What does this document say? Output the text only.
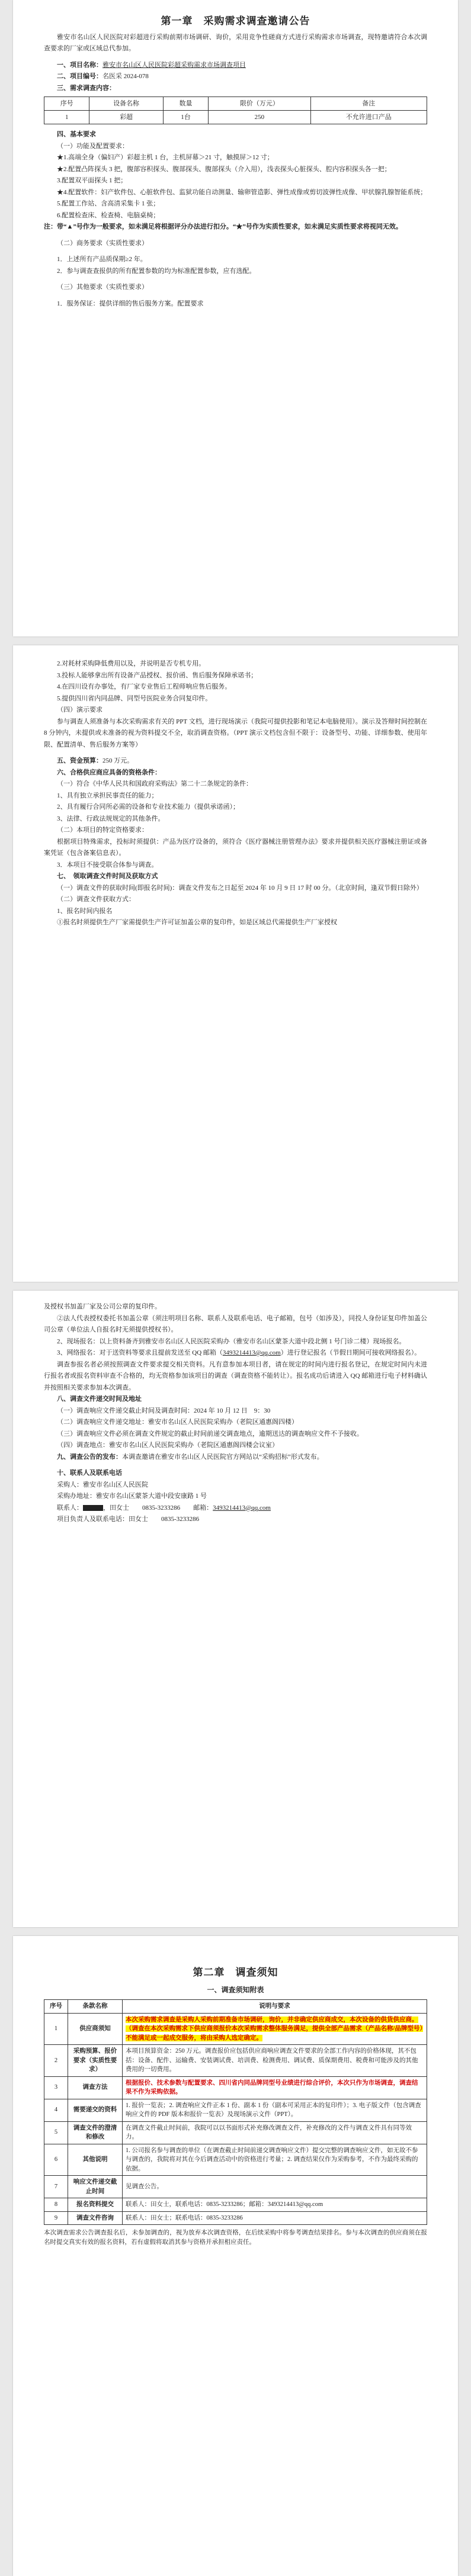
第一章　采购需求调查邀请公告

雅安市名山区人民医院对彩超进行采购前期市场调研、询价，采用竞争性磋商方式进行采购需求市场调查，现特邀请符合本次调查要求的厂家或区域总代参加。

一、项目名称：雅安市名山区人民医院彩超采购需求市场调查项目

二、项目编号：名医采 2024-078

三、需求调查内容：

序号	设备名称	数量	限价（万元）	备注
1	彩超	1台	250	不允许进口产品

四、基本要求

（一）功能及配置要求：

★1.高端全身（偏妇产）彩超主机 1 台，主机屏幕＞21 寸，触摸屏＞12 寸；

★2.配置凸阵探头 3 把，腹部容积探头、腹部探头、腹部探头（介入用），浅表探头心脏探头、腔内容积探头各一把；

3.配置双平面探头 1 把；

★4.配置软件：妇产软件包、心脏软件包、监狱功能自动测量、输卵管造影、弹性成像或剪切波弹性成像、甲状腺乳腺智能系统；

5.配置工作站、含高清采集卡 1 张；

6.配置检查床、检查椅、电脑桌椅；

注：带“▲”号作为一般要求，如未满足将根据评分办法进行扣分。“★”号作为实质性要求，如未满足实质性要求将视同无效。

（二）商务要求（实质性要求）

1．上述所有产品质保期≥2 年。

2．参与调查查报供的所有配置参数的均为标准配置参数，应有选配。

（三）其他要求（实质性要求）

1．服务保证：提供详细的售后服务方案。配置要求

2.对耗材采购降低费用以及，并说明是否专机专用。

3.投标人能够拿出所有设备产品授权、报价函、售后服务保障承诺书；

4.在四川设有办事处，有厂家专业售后工程师响应售后服务。

5.提供四川省内同品牌、同型号医院业务合同复印件。

（四）演示要求

参与调查人须准备与本次采购需求有关的 PPT 文档，进行现场演示（我院可提供投影和笔记本电脑使用）。演示及答辩时间控制在 8 分钟内，未提供或未准备的视为资料提交不全，取消调查资格。（PPT 演示文档包含但不限于：设备型号、功能、详细参数、使用年限、配置清单、售后服务方案等）

五、资金预算：250 万元。

六、合格供应商应具备的资格条件：

（一）符合《中华人民共和国政府采购法》第二十二条规定的条件：

1、具有独立承担民事责任的能力；

2、具有履行合同所必需的设备和专业技术能力（提供承诺函）；

3、法律、行政法规规定的其他条件。

（二）本项目的特定资格要求：

根据项目特殊需求，投标时须提供：产品为医疗设备的，须符合《医疗器械注册管理办法》要求并提供相关医疗器械注册证或备案凭证（包含备案信息表）。

3．本项目不接受联合体参与调查。

七、　领取调查文件时间及获取方式

（一）调查文件的获取时间(即报名时间)：调查文件发布之日起至 2024 年 10 月 9 日 17 时 00 分。（北京时间，逢双节假日除外）

（二）调查文件获取方式：

1、报名时间内报名

①报名时须提供生产厂家需提供生产许可证加盖公章的复印件，如是区域总代需提供生产厂家授权

及授权书加盖厂家及公司公章的复印件。

②法人代表授权委托书加盖公章（须注明项目名称、联系人及联系电话、电子邮箱，包号（如涉及），同投人身份证复印件加盖公司公章（单位法人自报名时无须提供授权书）。

2、现场报名：以上资料备齐到雅安市名山区人民医院采购办（雅安市名山区蒙茶大道中段北侧 1 号门诊二楼）现场报名。

3、网络报名：对于送资料等要求且提前发送至 QQ 邮箱（3493214413@qq.com）进行登记报名（节假日期间可接收网络报名）。

调查参报名者必须按照调查文件要求提交相关资料。凡有意参加本项目者，请在规定的时间内进行报名登记，在规定时间内未进行报名者或报名资料审查不合格的，均无资格参加该项目的调查（调查资格不能转让）。报名成功后请进入 QQ 邮箱进行电子材料确认并按照相关要求参加本次调查。

八、调查文件递交时间及地址

（一）调查响应文件递交截止时间及调查时间：2024 年 10 月 12 日　9：30

（二）调查响应文件递交地址：雅安市名山区人民医院采购办（老院区通惠阁四楼）

（三）调查响应文件必须在调查文件规定的截止时间前递交调查地点，逾期送达的调查响应文件不予接收。

（四）调查地点：雅安市名山区人民医院采购办（老院区通惠阁四楼会议室）

九、调查公告的发布：本调查邀请在雅安市名山区人民医院官方网站以“采购招标”形式发布。

十、联系人及联系电话

采购人：雅安市名山区人民医院

采购办地址：雅安市名山区蒙茶大道中段安康路 1 号

联系人：	，田女士　　0835-3233286　　邮箱：3493214413@qq.com

项目负责人及联系电话：田女士　　0835-3233286

第二章　调查须知
一、调查须知附表
序号	条款名称	说明与要求
1	供应商须知	本次采购需求调查是采购人采购前期准备市场调研，询价，并非确定供应商成交，本次设备的供货供应商。（调查在本次采购需求下供应商须报价本次采购需求整体服务满足，提供全部产品需求（产品名称/品牌型号）不能满足或一起成交服务，将由采购人选定确定。
2	采购预算、报价要求（实质性要求）	本项目预算资金：250 万元。调查报价应包括供应商响应调查文件要求的全部工作内容的价格体现，其不包括：设备、配件、运输费、安装调试费、培训费、检测费用、调试费、质保期费用、税费和可能涉及的其他费用的一切费用。
3	调查方法	根据报价、技术参数与配置要求、四川省内同品牌同型号业绩进行综合评价，本次只作为市场调查，调查结果不作为采购依据。
4	需要递交的资料	1. 报价一览表；2. 调查响应文件正本 1 份、副本 1 份（副本可采用正本的复印件）；3. 电子版文件（包含调查响应文件的 PDF 版本和报价一览表）及现场演示文件（PPT）。
5	调查文件的澄清和修改	在调查文件截止时间前，我院可以以书面形式补充修改调查文件，补充修改的文件与调查文件具有同等效力。
6	其他说明	1. 公司报名参与调查的单位（在调查截止时间前递交调查响应文件）提交完整的调查响应文件，如无故不参与调查的，我院将对其在今后调查活动中的资格进行考量；2. 调查结果仅作为采购参考，不作为最终采购的依据。
7	响应文件递交截止时间	见调查公告。
8	报名资料提交	联系人：田女士，联系电话：0835-3233286；邮箱：3493214413@qq.com
9	调查文件咨询	联系人：田女士；联系电话：0835-3233286

本次调查需求公告调查报名后，未参加调查的，视为放弃本次调查资格，在后续采购中将参考调查结果排名。参与本次调查的供应商须在报名时提交真实有效的报名资料，若有虚假将取消其参与资格并承担相应责任。
